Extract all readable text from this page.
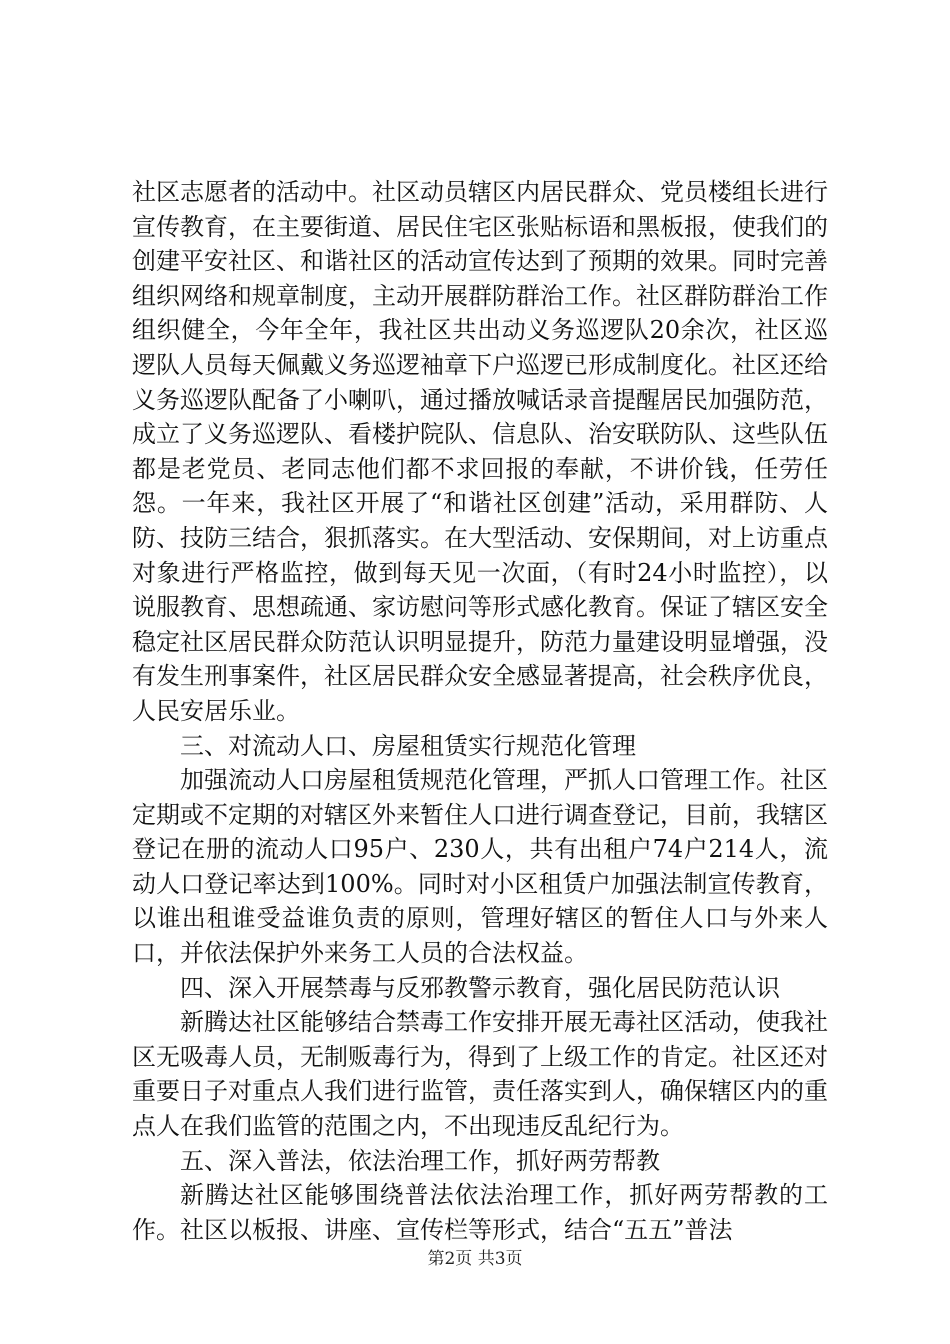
社区志愿者的活动中。社区动员辖区内居民群众、党员楼组长进行宣传教育，在主要街道、居民住宅区张贴标语和黑板报，使我们的创建平安社区、和谐社区的活动宣传达到了预期的效果。同时完善组织网络和规章制度，主动开展群防群治工作。社区群防群治工作组织健全，今年全年，我社区共出动义务巡逻队20余次，社区巡逻队人员每天佩戴义务巡逻袖章下户巡逻已形成制度化。社区还给义务巡逻队配备了小喇叭，通过播放喊话录音提醒居民加强防范，成立了义务巡逻队、看楼护院队、信息队、治安联防队、这些队伍都是老党员、老同志他们都不求回报的奉献，不讲价钱，任劳任怨。一年来，我社区开展了“和谐社区创建”活动，采用群防、人防、技防三结合，狠抓落实。在大型活动、安保期间，对上访重点对象进行严格监控，做到每天见一次面，（有时24小时监控），以说服教育、思想疏通、家访慰问等形式感化教育。保证了辖区安全稳定社区居民群众防范认识明显提升，防范力量建设明显增强，没有发生刑事案件，社区居民群众安全感显著提高，社会秩序优良，人民安居乐业。

三、对流动人口、房屋租赁实行规范化管理

加强流动人口房屋租赁规范化管理，严抓人口管理工作。社区定期或不定期的对辖区外来暂住人口进行调查登记，目前，我辖区登记在册的流动人口95户、230人，共有出租户74户214人，流动人口登记率达到100%。同时对小区租赁户加强法制宣传教育，以谁出租谁受益谁负责的原则，管理好辖区的暂住人口与外来人口，并依法保护外来务工人员的合法权益。

四、深入开展禁毒与反邪教警示教育，强化居民防范认识

新腾达社区能够结合禁毒工作安排开展无毒社区活动，使我社区无吸毒人员，无制贩毒行为，得到了上级工作的肯定。社区还对重要日子对重点人我们进行监管，责任落实到人，确保辖区内的重点人在我们监管的范围之内，不出现违反乱纪行为。

五、深入普法，依法治理工作，抓好两劳帮教

新腾达社区能够围绕普法依法治理工作，抓好两劳帮教的工作。社区以板报、讲座、宣传栏等形式，结合“五五”普法

第2页 共3页
